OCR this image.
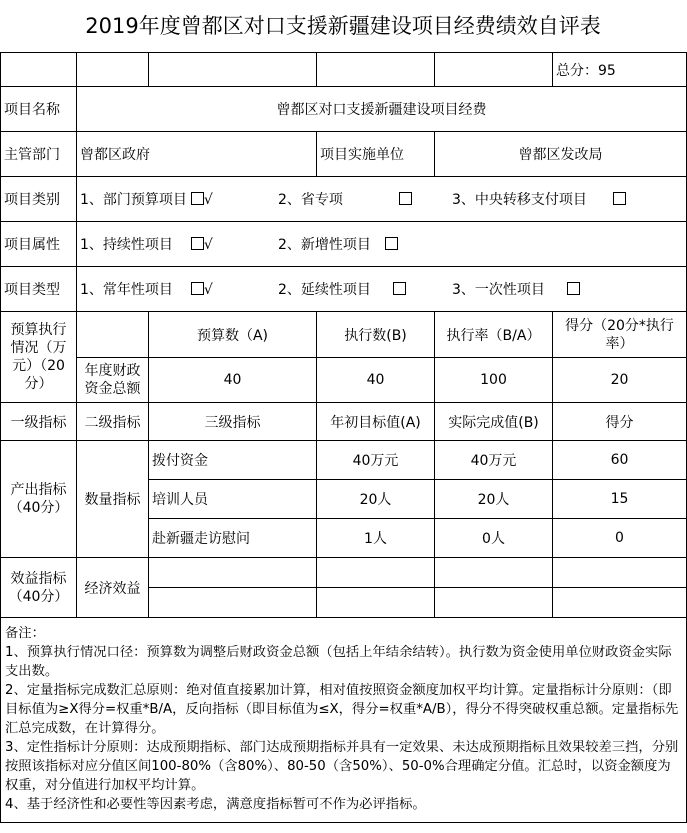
2019年度曾都区对口支援新疆建设项目经费绩效自评表
					总分：95
项目名称	曾都区对口支援新疆建设项目经费				
主管部门	曾都区政府		项目实施单位	曾都区发改局	
项目类别	1、部门预算项目 √ 2、省专项 3、中央转移支付项目				
项目属性	1、持续性项目 √ 2、新增性项目				
项目类型	1、常年性项目 √ 2、延续性项目 3、一次性项目				
预算执行情况（万元）（20分）		预算数（A)	执行数(B)	执行率（B/A）	得分（20分*执行率）
	年度财政资金总额	40	40	100	20
一级指标	二级指标	三级指标	年初目标值(A)	实际完成值(B)	得分
产出指标（40分）	数量指标	拨付资金	40万元	40万元	60
		培训人员	20人	20人	15
		赴新疆走访慰问	1人	0人	0
效益指标（40分）	经济效益				

备注：
1、预算执行情况口径：预算数为调整后财政资金总额（包括上年结余结转）。执行数为资金使用单位财政资金实际支出数。
2、定量指标完成数汇总原则：绝对值直接累加计算，相对值按照资金额度加权平均计算。定量指标计分原则：（即目标值为≥X得分=权重*B/A，反向指标（即目标值为≤X，得分=权重*A/B），得分不得突破权重总额。定量指标先汇总完成数，在计算得分。
3、定性指标计分原则：达成预期指标、部门达成预期指标并具有一定效果、未达成预期指标且效果较差三挡，分别按照该指标对应分值区间100-80%（含80%）、80-50（含50%）、50-0%合理确定分值。汇总时，以资金额度为权重，对分值进行加权平均计算。
4、基于经济性和必要性等因素考虑，满意度指标暂可不作为必评指标。					
